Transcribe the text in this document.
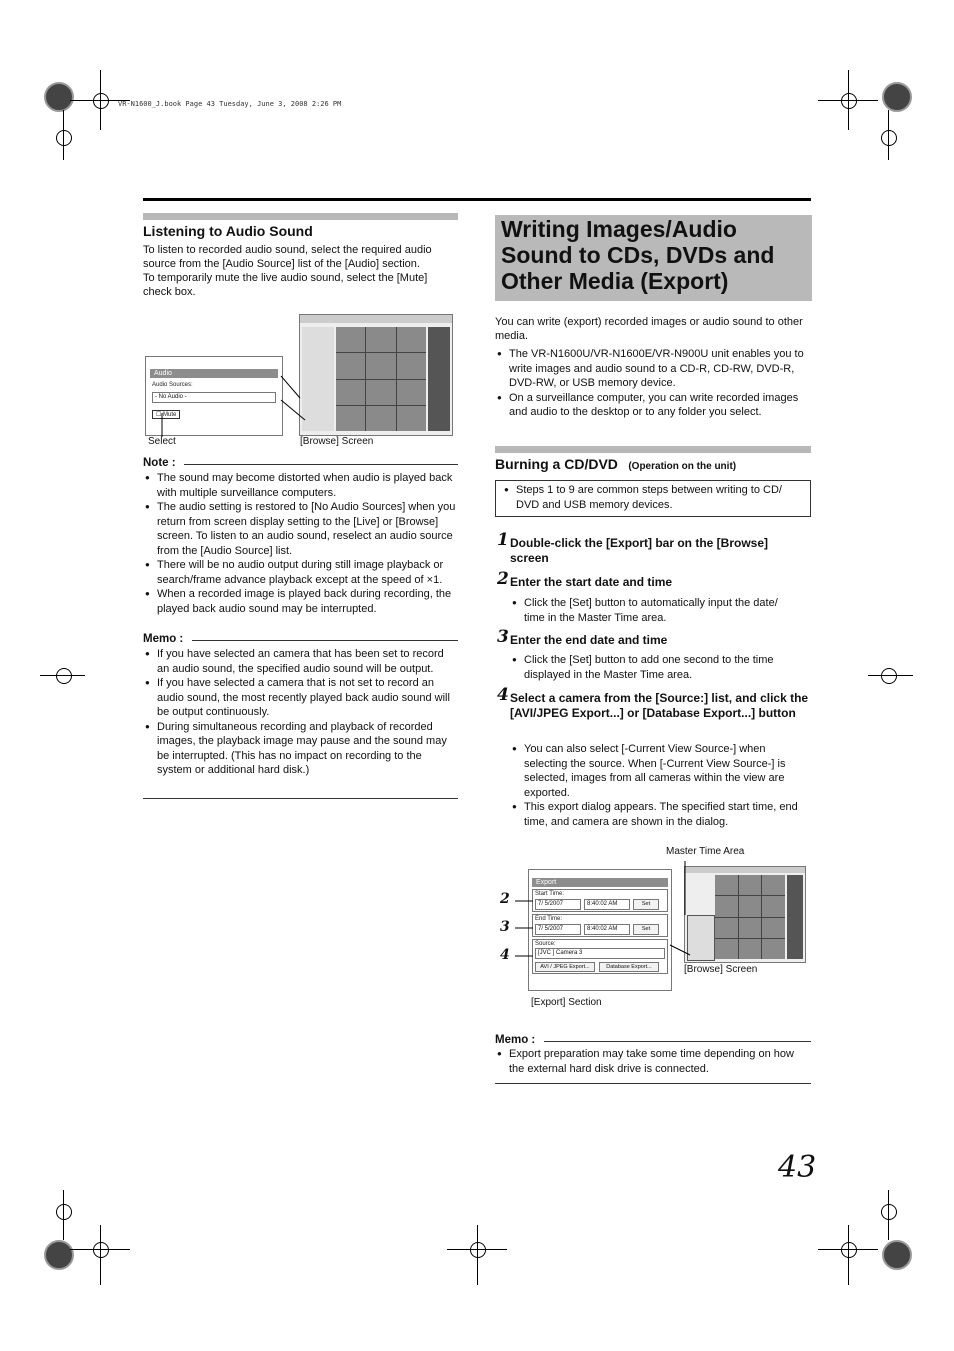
VR-N1600_J.book Page 43 Tuesday, June 3, 2008 2:26 PM
Listening to Audio Sound
To listen to recorded audio sound, select the required audio
source from the [Audio Source] list of the [Audio] section.
To temporarily mute the live audio sound, select the [Mute]
check box.
Audio
Audio Sources:
- No Audio -
☐ Mute
Select	[Browse] Screen
Note :

● The sound may become distorted when audio is played back with multiple surveillance computers.

● The audio setting is restored to [No Audio Sources] when you return from screen display setting to the [Live] or [Browse] screen. To listen to an audio sound, reselect an audio source from the [Audio Source] list.

● There will be no audio output during still image playback or search/frame advance playback except at the speed of ×1.

● When a recorded image is played back during recording, the played back audio sound may be interrupted.

Memo :

● If you have selected an camera that has been set to record an audio sound, the specified audio sound will be output.

● If you have selected a camera that is not set to record an audio sound, the most recently played back audio sound will be output continuously.

● During simultaneous recording and playback of recorded images, the playback image may pause and the sound may be interrupted. (This has no impact on recording to the system or additional hard disk.)

Writing Images/Audio Sound to CDs, DVDs and Other Media (Export)
You can write (export) recorded images or audio sound to other media.

● The VR-N1600U/VR-N1600E/VR-N900U unit enables you to write images and audio sound to a CD-R, CD-RW, DVD-R, DVD-RW, or USB memory device.

● On a surveillance computer, you can write recorded images and audio to the desktop or to any folder you select.

Burning a CD/DVD (Operation on the unit)

● Steps 1 to 9 are common steps between writing to CD/ DVD and USB memory devices.

1 Double-click the [Export] bar on the [Browse] screen
2 Enter the start date and time

● Click the [Set] button to automatically input the date/ time in the Master Time area.

3 Enter the end date and time

● Click the [Set] button to add one second to the time displayed in the Master Time area.

4 Select a camera from the [Source:] list, and click the [AVI/JPEG Export...] or [Database Export...] button

● You can also select [-Current View Source-] when selecting the source. When [-Current View Source-] is selected, images from all cameras within the view are exported.

● This export dialog appears. The specified start time, end time, and camera are shown in the dialog.

Master Time Area
Export
Start Time:
7/ 5/2007	8:40:02 AM	Set
End Time:
7/ 5/2007	8:40:02 AM	Set
Source:
[JVC ] Camera 3
AVI / JPEG Export...	Database Export...
2
3
4
[Browse] Screen
[Export] Section
Memo :

● Export preparation may take some time depending on how the external hard disk drive is connected.

43
